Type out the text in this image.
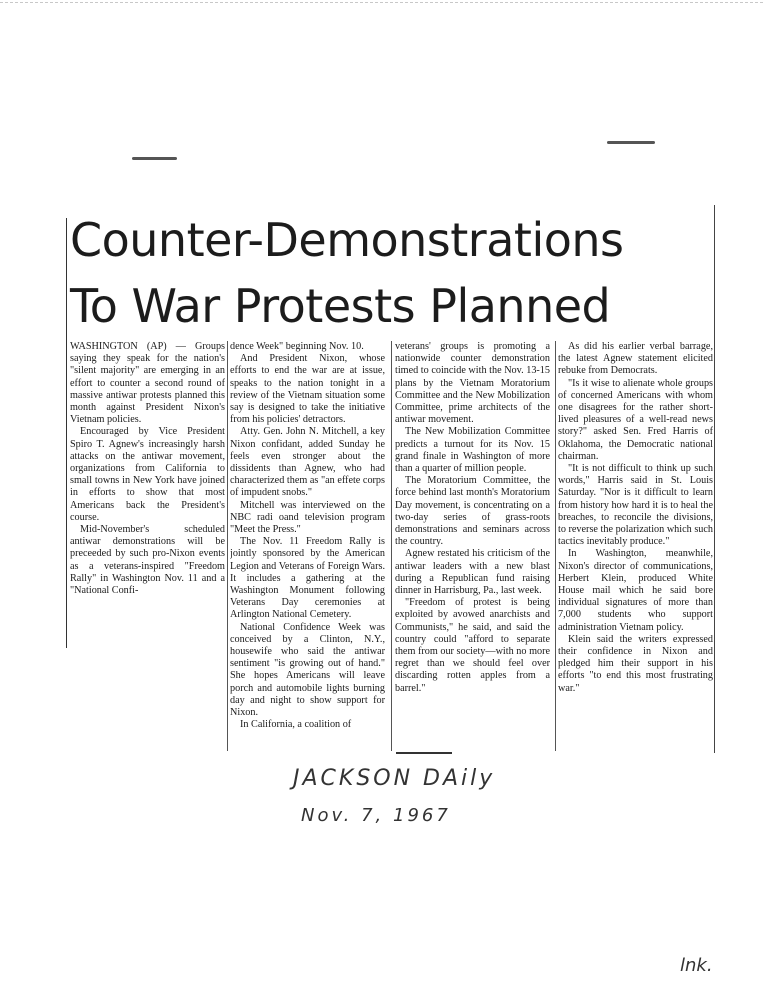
Counter-Demonstrations
To War Protests Planned

WASHINGTON (AP) — Groups saying they speak for the nation's "silent majority" are emerging in an effort to counter a second round of massive antiwar protests planned this month against President Nixon's Vietnam policies.

Encouraged by Vice President Spiro T. Agnew's increasingly harsh attacks on the antiwar movement, organizations from California to small towns in New York have joined in efforts to show that most Americans back the President's course.

Mid-November's scheduled antiwar demonstrations will be preceeded by such pro-Nixon events as a veterans-inspired "Freedom Rally" in Washington Nov. 11 and a "National Confi-

dence Week" beginning Nov. 10.

And President Nixon, whose efforts to end the war are at issue, speaks to the nation tonight in a review of the Vietnam situation some say is designed to take the initiative from his policies' detractors.

Atty. Gen. John N. Mitchell, a key Nixon confidant, added Sunday he feels even stronger about the dissidents than Agnew, who had characterized them as "an effete corps of impudent snobs."

Mitchell was interviewed on the NBC radi oand television program "Meet the Press."

The Nov. 11 Freedom Rally is jointly sponsored by the American Legion and Veterans of Foreign Wars. It includes a gathering at the Washington Monument following Veterans Day ceremonies at Arlington National Cemetery.

National Confidence Week was conceived by a Clinton, N.Y., housewife who said the antiwar sentiment "is growing out of hand." She hopes Americans will leave porch and automobile lights burning day and night to show support for Nixon.

In California, a coalition of

veterans' groups is promoting a nationwide counter demonstration timed to coincide with the Nov. 13-15 plans by the Vietnam Moratorium Committee and the New Mobilization Committee, prime architects of the antiwar movement.

The New Mobilization Committee predicts a turnout for its Nov. 15 grand finale in Washington of more than a quarter of million people.

The Moratorium Committee, the force behind last month's Moratorium Day movement, is concentrating on a two-day series of grass-roots demonstrations and seminars across the country.

Agnew restated his criticism of the antiwar leaders with a new blast during a Republican fund raising dinner in Harrisburg, Pa., last week.

"Freedom of protest is being exploited by avowed anarchists and Communists," he said, and said the country could "afford to separate them from our society—with no more regret than we should feel over discarding rotten apples from a barrel."

As did his earlier verbal barrage, the latest Agnew statement elicited rebuke from Democrats.

"Is it wise to alienate whole groups of concerned Americans with whom one disagrees for the rather short-lived pleasures of a well-read news story?" asked Sen. Fred Harris of Oklahoma, the Democratic national chairman.

"It is not difficult to think up such words," Harris said in St. Louis Saturday. "Nor is it difficult to learn from history how hard it is to heal the breaches, to reconcile the divisions, to reverse the polarization which such tactics inevitably produce."

In Washington, meanwhile, Nixon's director of communications, Herbert Klein, produced White House mail which he said bore individual signatures of more than 7,000 students who support administration Vietnam policy.

Klein said the writers expressed their confidence in Nixon and pledged him their support in his efforts "to end this most frustrating war."

JACKSON DAily
Nov. 7, 1967
lnk.
